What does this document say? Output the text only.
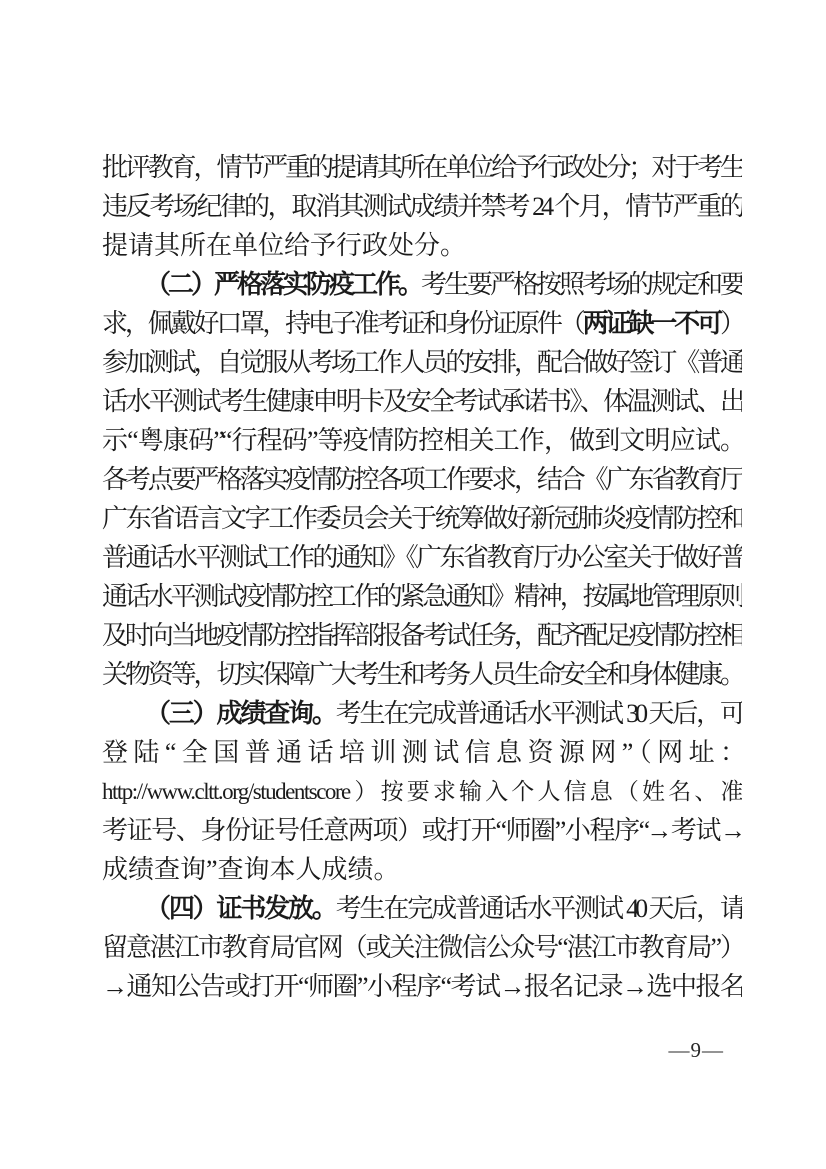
批评教育，情节严重的提请其所在单位给予行政处分；对于考生
违反考场纪律的，取消其测试成绩并禁考 24 个月，情节严重的
提请其所在单位给予行政处分。
（二）严格落实防疫工作。考生要严格按照考场的规定和要
求，佩戴好口罩，持电子准考证和身份证原件（两证缺一不可）
参加测试，自觉服从考场工作人员的安排，配合做好签订《普通
话水平测试考生健康申明卡及安全考试承诺书》、体温测试、出
示“粤康码”“行程码”等疫情防控相关工作，做到文明应试。
各考点要严格落实疫情防控各项工作要求，结合《广东省教育厅
广东省语言文字工作委员会关于统筹做好新冠肺炎疫情防控和
普通话水平测试工作的通知》《广东省教育厅办公室关于做好普
通话水平测试疫情防控工作的紧急通知》精神，按属地管理原则
及时向当地疫情防控指挥部报备考试任务，配齐配足疫情防控相
关物资等，切实保障广大考生和考务人员生命安全和身体健康。
（三）成绩查询。考生在完成普通话水平测试 30 天后，可
登陆“全国普通话培训测试信息资源网”（网址：
http://www.cltt.org/studentscore）按要求输入个人信息（姓名、准
考证号、身份证号任意两项）或打开“师圈”小程序“→考试→
成绩查询”查询本人成绩。
（四）证书发放。考生在完成普通话水平测试 40 天后，请
留意湛江市教育局官网（或关注微信公众号“湛江市教育局”）
→通知公告或打开“师圈”小程序“考试→报名记录→选中报名
—9—
